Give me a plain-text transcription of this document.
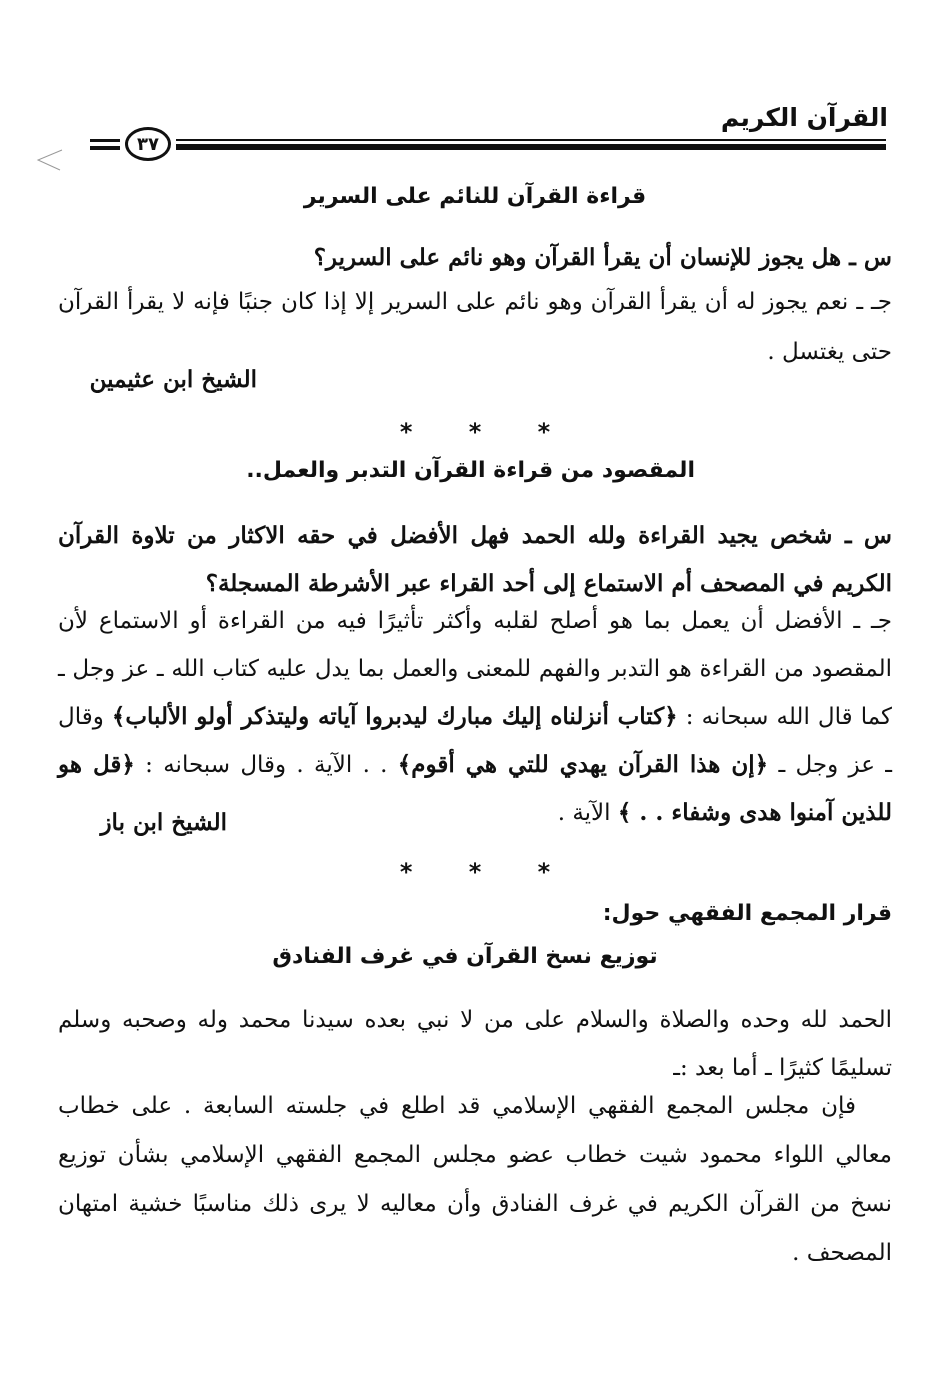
القرآن الكريم
٣٧
قراءة القرآن للنائم على السرير
س ـ هل يجوز للإنسان أن يقرأ القرآن وهو نائم على السرير؟
جـ ـ نعم يجوز له أن يقرأ القرآن وهو نائم على السرير إلا إذا كان جنبًا فإنه لا يقرأ القرآن حتى يغتسل .
الشيخ ابن عثيمين
* * *
المقصود من قراءة القرآن التدبر والعمل..
س ـ شخص يجيد القراءة ولله الحمد فهل الأفضل في حقه الاكثار من تلاوة القرآن الكريم في المصحف أم الاستماع إلى أحد القراء عبر الأشرطة المسجلة؟
جـ ـ الأفضل أن يعمل بما هو أصلح لقلبه وأكثر تأثيرًا فيه من القراءة أو الاستماع لأن المقصود من القراءة هو التدبر والفهم للمعنى والعمل بما يدل عليه كتاب الله ـ عز وجل ـ كما قال الله سبحانه : ﴿كتاب أنزلناه إليك مبارك ليدبروا آياته وليتذكر أولو الألباب﴾ وقال ـ عز وجل ـ ﴿إن هذا القرآن يهدي للتي هي أقوم﴾ . . الآية . وقال سبحانه : ﴿قل هو للذين آمنوا هدى وشفاء . . ﴾ الآية .
الشيخ ابن باز
* * *
قرار المجمع الفقهي حول:
توزيع نسخ القرآن في غرف الفنادق
الحمد لله وحده والصلاة والسلام على من لا نبي بعده سيدنا محمد وله وصحبه وسلم تسليمًا كثيرًا ـ أما بعد :ـ
فإن مجلس المجمع الفقهي الإسلامي قد اطلع في جلسته السابعة . على خطاب معالي اللواء محمود شيت خطاب عضو مجلس المجمع الفقهي الإسلامي بشأن توزيع نسخ من القرآن الكريم في غرف الفنادق وأن معاليه لا يرى ذلك مناسبًا خشية امتهان المصحف .
